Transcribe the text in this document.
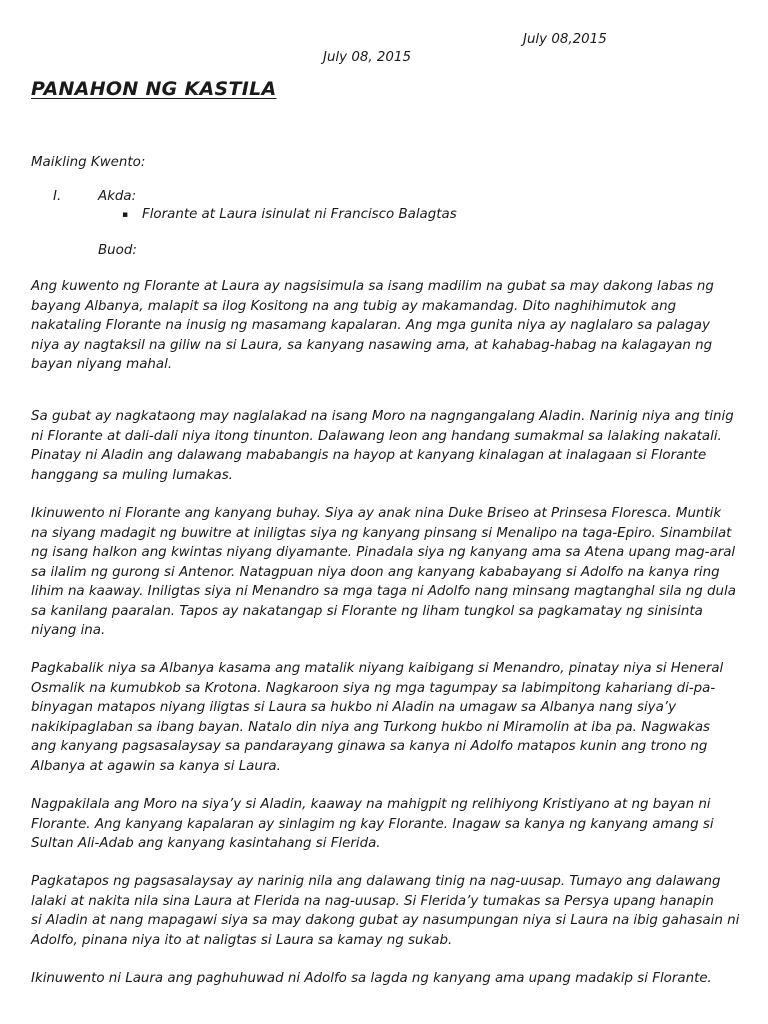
July 08,2015
July 08, 2015
PANAHON NG KASTILA
Maikling Kwento:
I.	Akda:
▪ Florante at Laura isinulat ni Francisco Balagtas
Buod:
Ang kuwento ng Florante at Laura ay nagsisimula sa isang madilim na gubat sa may dakong labas ng
bayang Albanya, malapit sa ilog Kositong na ang tubig ay makamandag. Dito naghihimutok ang
nakataling Florante na inusig ng masamang kapalaran. Ang mga gunita niya ay naglalaro sa palagay
niya ay nagtaksil na giliw na si Laura, sa kanyang nasawing ama, at kahabag-habag na kalagayan ng
bayan niyang mahal.
Sa gubat ay nagkataong may naglalakad na isang Moro na nagngangalang Aladin. Narinig niya ang tinig
ni Florante at dali-dali niya itong tinunton. Dalawang leon ang handang sumakmal sa lalaking nakatali.
Pinatay ni Aladin ang dalawang mababangis na hayop at kanyang kinalagan at inalagaan si Florante
hanggang sa muling lumakas.
Ikinuwento ni Florante ang kanyang buhay. Siya ay anak nina Duke Briseo at Prinsesa Floresca. Muntik
na siyang madagit ng buwitre at iniligtas siya ng kanyang pinsang si Menalipo na taga-Epiro. Sinambilat
ng isang halkon ang kwintas niyang diyamante. Pinadala siya ng kanyang ama sa Atena upang mag-aral
sa ilalim ng gurong si Antenor. Natagpuan niya doon ang kanyang kababayang si Adolfo na kanya ring
lihim na kaaway. Iniligtas siya ni Menandro sa mga taga ni Adolfo nang minsang magtanghal sila ng dula
sa kanilang paaralan. Tapos ay nakatangap si Florante ng liham tungkol sa pagkamatay ng sinisinta
niyang ina.
Pagkabalik niya sa Albanya kasama ang matalik niyang kaibigang si Menandro, pinatay niya si Heneral
Osmalik na kumubkob sa Krotona. Nagkaroon siya ng mga tagumpay sa labimpitong kahariang di-pa-
binyagan matapos niyang iligtas si Laura sa hukbo ni Aladin na umagaw sa Albanya nang siya’y
nakikipaglaban sa ibang bayan. Natalo din niya ang Turkong hukbo ni Miramolin at iba pa. Nagwakas
ang kanyang pagsasalaysay sa pandarayang ginawa sa kanya ni Adolfo matapos kunin ang trono ng
Albanya at agawin sa kanya si Laura.
Nagpakilala ang Moro na siya’y si Aladin, kaaway na mahigpit ng relihiyong Kristiyano at ng bayan ni
Florante. Ang kanyang kapalaran ay sinlagim ng kay Florante. Inagaw sa kanya ng kanyang amang si
Sultan Ali-Adab ang kanyang kasintahang si Flerida.
Pagkatapos ng pagsasalaysay ay narinig nila ang dalawang tinig na nag-uusap. Tumayo ang dalawang
lalaki at nakita nila sina Laura at Flerida na nag-uusap. Si Flerida’y tumakas sa Persya upang hanapin
si Aladin at nang mapagawi siya sa may dakong gubat ay nasumpungan niya si Laura na ibig gahasain ni
Adolfo, pinana niya ito at naligtas si Laura sa kamay ng sukab.
Ikinuwento ni Laura ang paghuhuwad ni Adolfo sa lagda ng kanyang ama upang madakip si Florante.
